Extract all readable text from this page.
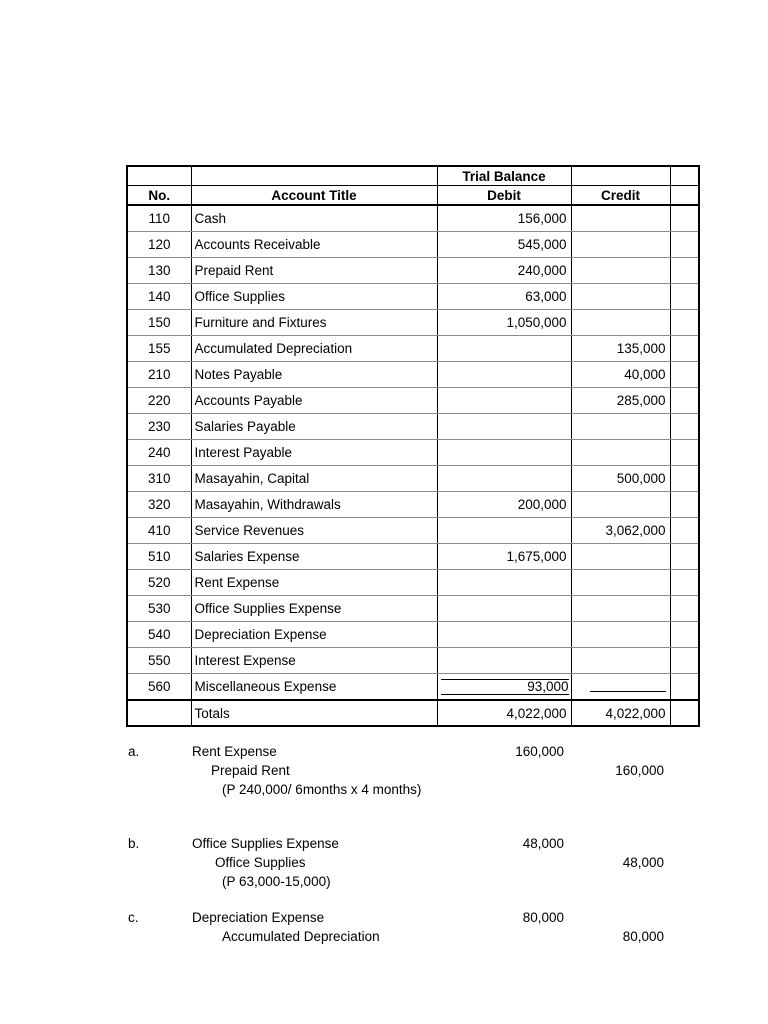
		Trial Balance		
No.	Account Title	Debit	Credit	
110	Cash	156,000		
120	Accounts Receivable	545,000		
130	Prepaid Rent	240,000		
140	Office Supplies	63,000		
150	Furniture and Fixtures	1,050,000		
155	Accumulated Depreciation		135,000	
210	Notes Payable		40,000	
220	Accounts Payable		285,000	
230	Salaries Payable			
240	Interest Payable			
310	Masayahin, Capital		500,000	
320	Masayahin, Withdrawals	200,000		
410	Service Revenues		3,062,000	
510	Salaries Expense	1,675,000		
520	Rent Expense			
530	Office Supplies Expense			
540	Depreciation Expense			
550	Interest Expense			
560	Miscellaneous Expense	93,000		
	Totals	4,022,000	4,022,000	
a.	Rent Expense	160,000
Prepaid Rent	160,000
(P 240,000/ 6months x 4 months)
b.	Office Supplies Expense	48,000
Office Supplies	48,000
(P 63,000-15,000)
c.	Depreciation Expense	80,000
Accumulated Depreciation	80,000
